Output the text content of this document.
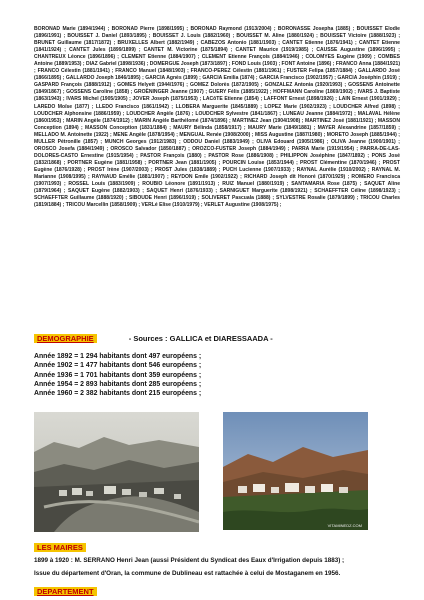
BORONAD Marie (1894/1944) ; BORONAD Pierre (1898/1995) ; BORONAD Raymond (1913/2004) ; BORONASSE Josepha (1885) ; BOUISSET Elodie (1896/1991) ; BOUISSET J. Daniel (1893/1895) ; BOUISSET J. Louis (1882/1960) ; BOUISSET M. Aline (1880/1924) ; BOUISSET Victoire (1888/1923) ; BRUNET Guillaume (1817/1872) ; BRUXELLES Albert (1882/1949) ; CABEZOS Antonio (1881/1903) ; CANTET Etienne (1876/1941) ; CANTET Etienne (1841/1924) ; CANTET Jules (1899/1899) ; CANTET M. Victorine (1875/1894) ; CANTET Maurice (1919/1985) ; CAUSSE Augustine (1896/1995) ; CHANTREUX Léonce (1896/1896) ; CLEMENT Etienne (1884/1907) ; CLEMENT Etienne François (1884/1946) ; COLOMYES Eugène (1909) ; COMBES Antoine (1889/1953) ; DIAZ Gabriel (1898/1936) ; DOMERGUE Joseph (1873/1897) ; FOND Louis (1903) ; FONT Antoine (1896) ; FRANCO Anna (1884/1921) ; FRANCO Célestin (1881/1941) ; FRANCO Manuel (1848/1903) ; FRANCO-PEREZ Célestin (1881/1961) ; FUSTER Felipa (1857/1884) ; GALLARDO José (1866/1895) ; GALLARDO Joseph 1846/1895) ; GARCIA Agnès (1899) ; GARCIA Emilia (1874) ; GARCIA Francisco (1902/1957) ; GARCIA Joséphin (1919) ; GASPARD François (1888/1912) ; GOMES Helyett (1944/1976) ; GOMEZ Dolorès (1872/1905) ; GONZALEZ Antonia (1920/1993) ; GOSSENS Antoinette (1849/1867) ; GOSSENS Caroline (1858) ; GROËNINGER Jeanne (1907) ; GUERY Félix (1885/1922) ; HOFFMANN Caroline (1869/1902) ; IVARS J. Baptiste (1863/1943) ; IVARS Michel (1905/1905) ; JOVER Joseph (1875/1953) ; LACôTE Etienne (1854) ; LAFFONT Ernest (1898/1926) ; LAIN Ernest (1901/1929) ; LAREDO Moïse (1877) ; LLEDO Francisco (1861/1942) ; LLOBERA Marguerite (1845/1889) ; LOPEZ Marie (1902/1923) ; LOUDCHER Alfred (1898) ; LOUDCHER Alphonsine (1886/1959) ; LOUDCHER Angèle (1876) ; LOUDCHER Sylvestre (1841/1867) ; LUNEAU Jeanne (1884/1972) ; MALAVAL Hélène (1860/1953) ; MARIN Angèle (1874/1912) ; MARIN Angèle Barthélomé (1874/1896) ; MARTINEZ Jean (1904/1908) ; MARTINEZ José (1881/1921) ; MASSON Conception (1894) ; MASSON Conception (1831/1884) ; MAURY Bélinda (1858/1917) ; MAURY Marie (1849/1881) ; MAYER Alexandrine (1857/1859) ; MELLADO M. Antoinette (1922) ; MENE Angèle (1878/1954) ; MENGUAL Renée (1908/2000) ; MISS Augustine (1887/1980) ; MORETO Joseph (1885/1944) ; MULLER Pétronille (1857) ; MUNCH Georges (1912/1983) ; ODDOU Daniel (1883/1949) ; OLIVA Edouard (1905/1986) ; OLIVA Jeanne (1900/1901) ; OROSCO Josefa (1884/1949) ; OROSCO Salvador (1850/1887) ; OROZCO-FUSTER Joseph (1884/1949) ; PARRA Marie (1919/1954) ; PARRA-DE-LAS-DOLORES-CASTO Ernestine (1915/1954) ; PASTOR François (1880) ; PASTOR Rose (1886/1908) ; PHILIPPON Joséphine (1847/1892) ; PONS José (1832/1868) ; PORTNER Eugène (1881/1958) ; PORTNER Jean (1881/1905) ; POURCIN Louise (1853/1944) ; PROST Clémentine (1870/1946) ; PROST Eugène (1876/1928) ; PROST Irène (1907/2003) ; PROST Jules (1838/1889) ; PUCH Lucienne (1907/1933) ; RAYNAL Aurélie (1910/2002) ; RAYNAL M. Marianne (1908/1995) ; RAYNAUD Emélie (1881/1907) ; REYDON Emile (1902/1922) ; RICHARD Joseph dit Honoré (1870/1929) ; ROMERO Francisca (1907/1993) ; ROSSEL Louis (1883/1909) ; ROUBIO Léonore (1891/1913) ; RUIZ Manuel (1880/1919) ; SANTAMARIA Rose (1875) ; SAQUET Aline (1879/1964) ; SAQUET Eugène (1882/1903) ; SAQUET Henri (1876/1933) ; SARNIGUET Marguerite (1898/1921) ; SCHAEFFTER Céline (1898/1923) ; SCHAEFFTER Guillaume (1888/1920) ; SIBOUDE Henri (1896/1919) ; SOLIVERET Pascuala (1888) ; SYLVESTRE Rosalie (1879/1899) ; TRICOU Charles (1819/1884) ; TRICOU Marcellin (1858/1909) ; VERLé Elise (1910/1979) ; VERLET Augustine (1908/1975) ;
DEMOGRAPHIE	- Sources : GALLICA et DIARESSAADA -
Année 1892 = 1 294 habitants dont 497 européens ;
Année 1902 = 1 477 habitants dont 546 européens ;
Année 1936 = 1 701 habitants dont 359 européens ;
Année 1954 = 2 893 habitants dont 285 européens ;
Année 1960 = 2 382 habitants dont 215 européens ;
VITAMINEDZ.COM
LES MAIRES
1899 à 1920 : M. SERRANO Henri Jean (aussi Président du Syndicat des Eaux d'Irrigation depuis 1883) ;
Issue du département d'Oran, la commune de Dublineau est rattachée à celui de Mostaganem en 1956.
DEPARTEMENT
